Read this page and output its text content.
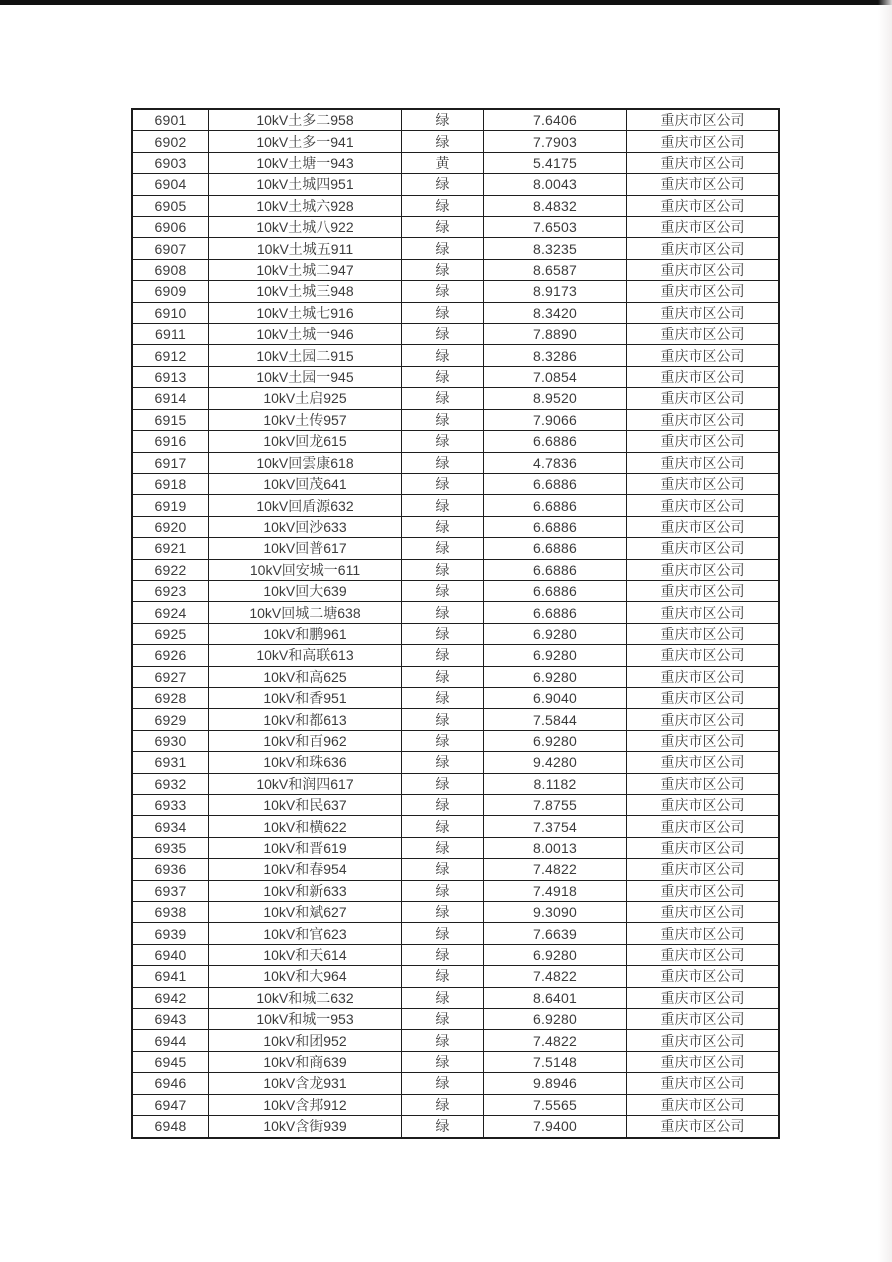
6901	10kV土多二958	绿	7.6406	重庆市区公司
6902	10kV土多一941	绿	7.7903	重庆市区公司
6903	10kV土塘一943	黄	5.4175	重庆市区公司
6904	10kV土城四951	绿	8.0043	重庆市区公司
6905	10kV土城六928	绿	8.4832	重庆市区公司
6906	10kV土城八922	绿	7.6503	重庆市区公司
6907	10kV土城五911	绿	8.3235	重庆市区公司
6908	10kV土城二947	绿	8.6587	重庆市区公司
6909	10kV土城三948	绿	8.9173	重庆市区公司
6910	10kV土城七916	绿	8.3420	重庆市区公司
6911	10kV土城一946	绿	7.8890	重庆市区公司
6912	10kV土园二915	绿	8.3286	重庆市区公司
6913	10kV土园一945	绿	7.0854	重庆市区公司
6914	10kV土启925	绿	8.9520	重庆市区公司
6915	10kV土传957	绿	7.9066	重庆市区公司
6916	10kV回龙615	绿	6.6886	重庆市区公司
6917	10kV回雲康618	绿	4.7836	重庆市区公司
6918	10kV回茂641	绿	6.6886	重庆市区公司
6919	10kV回盾源632	绿	6.6886	重庆市区公司
6920	10kV回沙633	绿	6.6886	重庆市区公司
6921	10kV回普617	绿	6.6886	重庆市区公司
6922	10kV回安城一611	绿	6.6886	重庆市区公司
6923	10kV回大639	绿	6.6886	重庆市区公司
6924	10kV回城二塘638	绿	6.6886	重庆市区公司
6925	10kV和鹏961	绿	6.9280	重庆市区公司
6926	10kV和高联613	绿	6.9280	重庆市区公司
6927	10kV和高625	绿	6.9280	重庆市区公司
6928	10kV和香951	绿	6.9040	重庆市区公司
6929	10kV和都613	绿	7.5844	重庆市区公司
6930	10kV和百962	绿	6.9280	重庆市区公司
6931	10kV和珠636	绿	9.4280	重庆市区公司
6932	10kV和润四617	绿	8.1182	重庆市区公司
6933	10kV和民637	绿	7.8755	重庆市区公司
6934	10kV和横622	绿	7.3754	重庆市区公司
6935	10kV和晋619	绿	8.0013	重庆市区公司
6936	10kV和春954	绿	7.4822	重庆市区公司
6937	10kV和新633	绿	7.4918	重庆市区公司
6938	10kV和斌627	绿	9.3090	重庆市区公司
6939	10kV和官623	绿	7.6639	重庆市区公司
6940	10kV和天614	绿	6.9280	重庆市区公司
6941	10kV和大964	绿	7.4822	重庆市区公司
6942	10kV和城二632	绿	8.6401	重庆市区公司
6943	10kV和城一953	绿	6.9280	重庆市区公司
6944	10kV和团952	绿	7.4822	重庆市区公司
6945	10kV和商639	绿	7.5148	重庆市区公司
6946	10kV含龙931	绿	9.8946	重庆市区公司
6947	10kV含邦912	绿	7.5565	重庆市区公司
6948	10kV含街939	绿	7.9400	重庆市区公司
